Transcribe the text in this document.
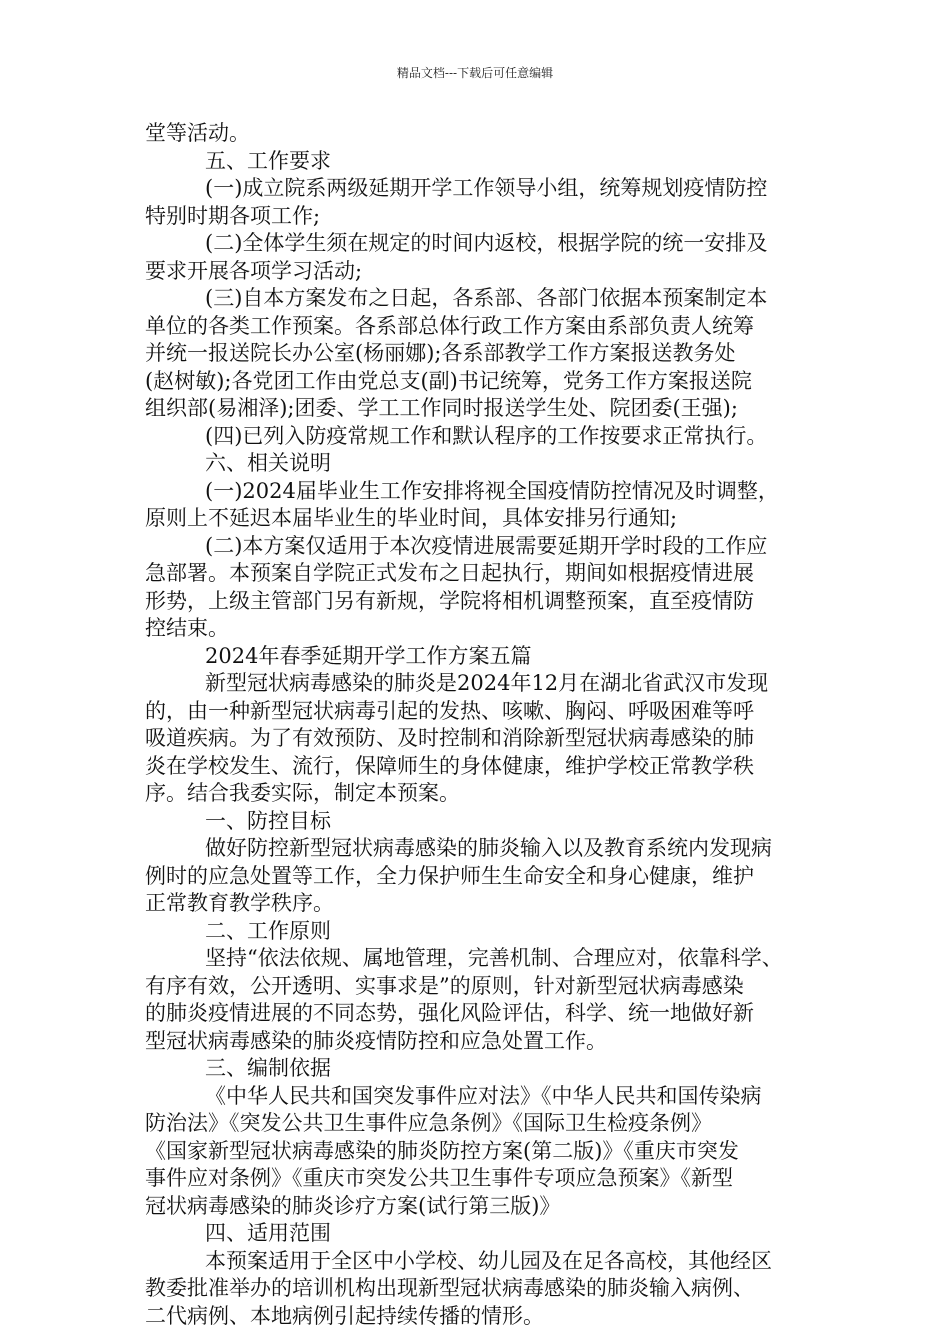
精品文档---下载后可任意编辑
堂等活动。
五、工作要求
(一)成立院系两级延期开学工作领导小组，统筹规划疫情防控
特别时期各项工作;
(二)全体学生须在规定的时间内返校，根据学院的统一安排及
要求开展各项学习活动;
(三)自本方案发布之日起，各系部、各部门依据本预案制定本
单位的各类工作预案。各系部总体行政工作方案由系部负责人统筹
并统一报送院长办公室(杨丽娜);各系部教学工作方案报送教务处
(赵树敏);各党团工作由党总支(副)书记统筹，党务工作方案报送院
组织部(易湘泽);团委、学工工作同时报送学生处、院团委(王强);
(四)已列入防疫常规工作和默认程序的工作按要求正常执行。
六、相关说明
(一)2024届毕业生工作安排将视全国疫情防控情况及时调整，
原则上不延迟本届毕业生的毕业时间，具体安排另行通知;
(二)本方案仅适用于本次疫情进展需要延期开学时段的工作应
急部署。本预案自学院正式发布之日起执行，期间如根据疫情进展
形势，上级主管部门另有新规，学院将相机调整预案，直至疫情防
控结束。
2024年春季延期开学工作方案五篇
新型冠状病毒感染的肺炎是2024年12月在湖北省武汉市发现
的，由一种新型冠状病毒引起的发热、咳嗽、胸闷、呼吸困难等呼
吸道疾病。为了有效预防、及时控制和消除新型冠状病毒感染的肺
炎在学校发生、流行，保障师生的身体健康，维护学校正常教学秩
序。结合我委实际，制定本预案。
一、防控目标
做好防控新型冠状病毒感染的肺炎输入以及教育系统内发现病
例时的应急处置等工作，全力保护师生生命安全和身心健康，维护
正常教育教学秩序。
二、工作原则
坚持“依法依规、属地管理，完善机制、合理应对，依靠科学、
有序有效，公开透明、实事求是”的原则，针对新型冠状病毒感染
的肺炎疫情进展的不同态势，强化风险评估，科学、统一地做好新
型冠状病毒感染的肺炎疫情防控和应急处置工作。
三、编制依据
《中华人民共和国突发事件应对法》《中华人民共和国传染病
防治法》《突发公共卫生事件应急条例》《国际卫生检疫条例》
《国家新型冠状病毒感染的肺炎防控方案(第二版)》《重庆市突发
事件应对条例》《重庆市突发公共卫生事件专项应急预案》《新型
冠状病毒感染的肺炎诊疗方案(试行第三版)》
四、适用范围
本预案适用于全区中小学校、幼儿园及在足各高校，其他经区
教委批准举办的培训机构出现新型冠状病毒感染的肺炎输入病例、
二代病例、本地病例引起持续传播的情形。
